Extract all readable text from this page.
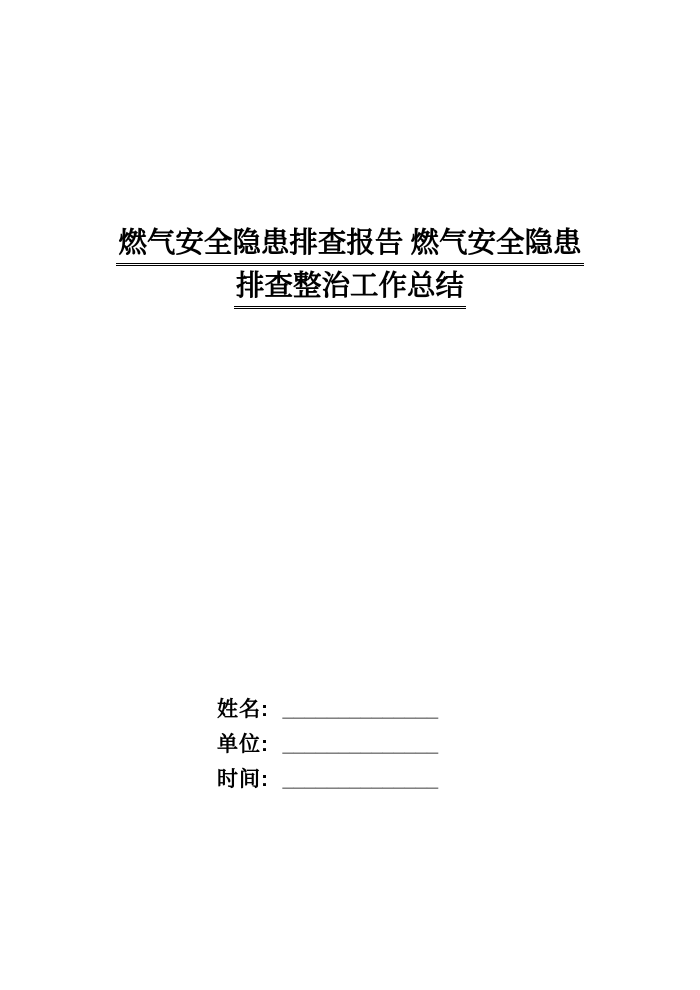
燃气安全隐患排查报告 燃气安全隐患
排查整治工作总结
姓名: ______________
单位: ______________
时间: ______________
